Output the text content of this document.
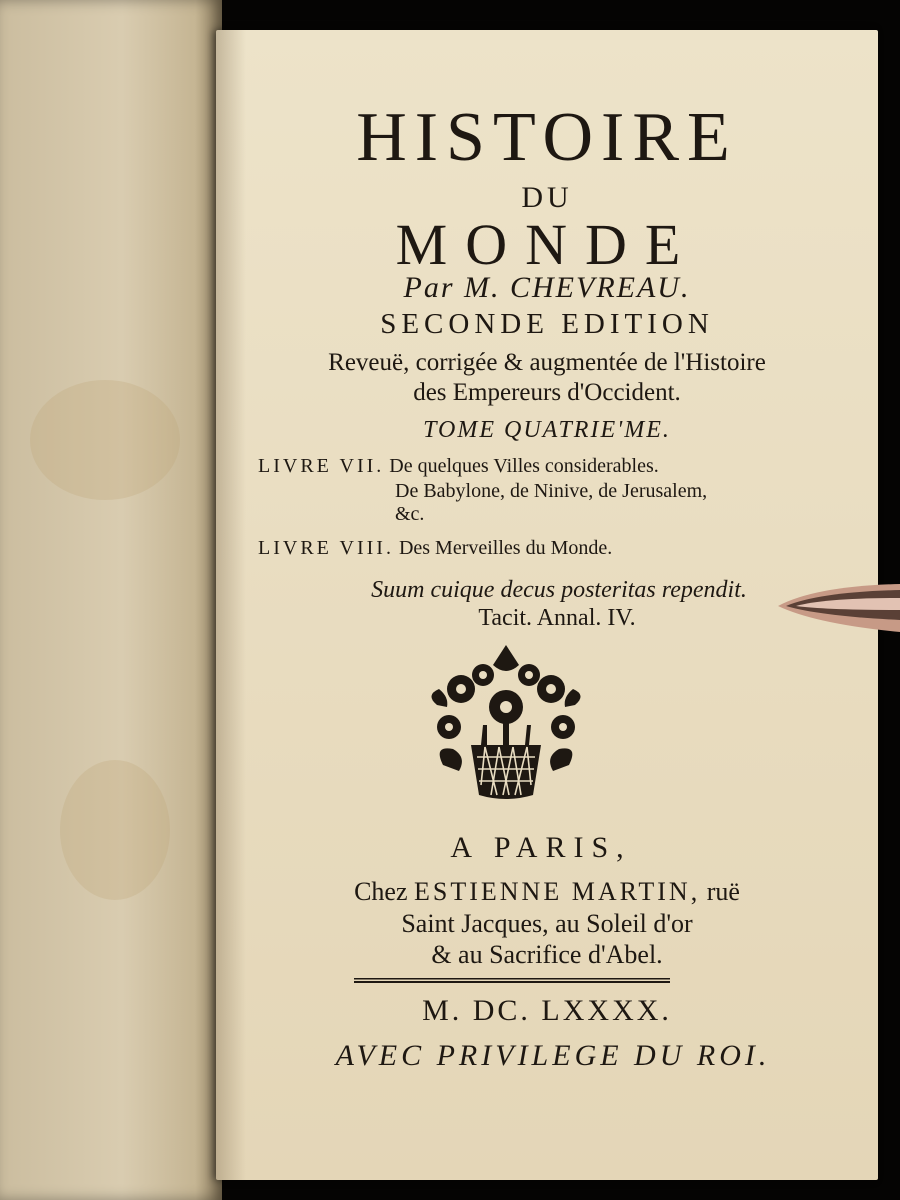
HISTOIRE
DU
MONDE
Par M. CHEVREAU.
SECONDE EDITION
Reveuë, corrigée & augmentée de l'Histoire
des Empereurs d'Occident.
TOME QUATRIE'ME.
LIVRE VII. De quelques Villes considerables.
De Babylone, de Ninive, de Jerusalem,
&c.
LIVRE VIII. Des Merveilles du Monde.
Suum cuique decus posteritas rependit.
Tacit. Annal. IV.
A PARIS,
Chez ESTIENNE MARTIN, ruë
Saint Jacques, au Soleil d'or
& au Sacrifice d'Abel.
M. DC. LXXXX.
AVEC PRIVILEGE DU ROI.
